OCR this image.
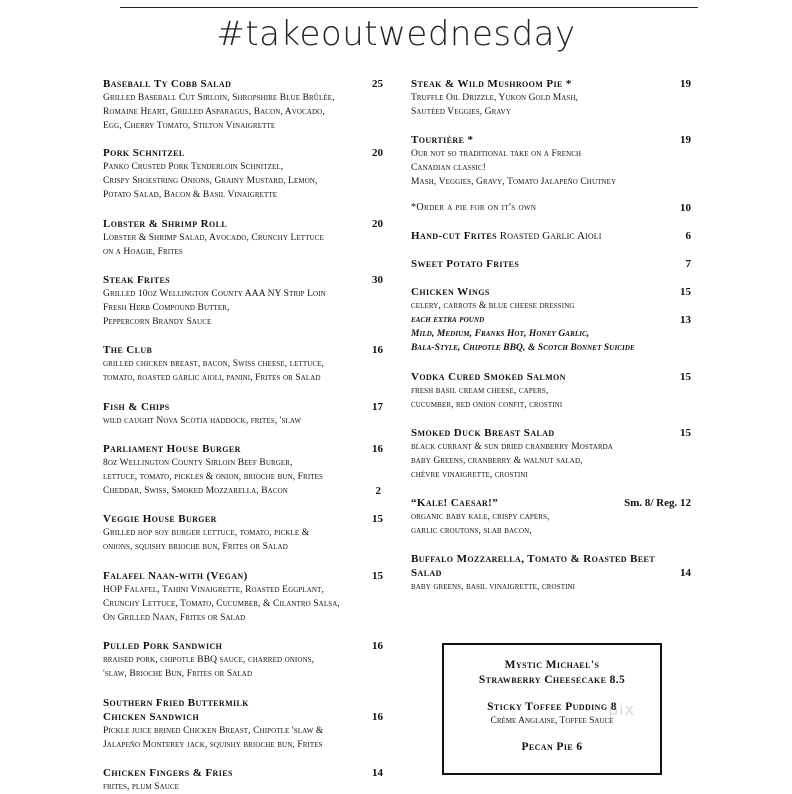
#takeoutwednesday
Baseball Ty Cobb Salad	25
Grilled Baseball Cut Sirloin, Shropshire Blue Brûlée,
Romaine Heart, Grilled Asparagus, Bacon, Avocado,
Egg, Cherry Tomato, Stilton Vinaigrette
Pork Schnitzel	20
Panko Crusted Pork Tenderloin Schnitzel,
Crispy Shoestring Onions, Grainy Mustard, Lemon,
Potato Salad, Bacon & Basil Vinaigrette
Lobster & Shrimp Roll	20
Lobster & Shrimp Salad, Avocado, Crunchy Lettuce
on a Hoagie, Frites
Steak Frites	30
Grilled 10oz Wellington County AAA NY Strip Loin
Fresh Herb Compound Butter,
Peppercorn Brandy Sauce
The Club	16
grilled chicken breast, bacon, Swiss cheese, lettuce,
tomato, roasted garlic aioli, panini, Frites or Salad
Fish & Chips	17
wild caught Nova Scotia haddock, frites, 'slaw
Parliament House Burger	16
8oz Wellington County Sirloin Beef Burger,
lettuce, tomato, pickles & onion, brioche bun, Frites
Cheddar, Swiss, Smoked Mozzarella, Bacon	2
Veggie House Burger	15
Grilled hop soy burger lettuce, tomato, pickle &
onions, squishy brioche bun, Frites or Salad
Falafel Naan-with (Vegan)	15
HOP Falafel, Tahini Vinaigrette, Roasted Eggplant,
Crunchy Lettuce, Tomato, Cucumber, & Cilantro Salsa,
On Grilled Naan, Frites or Salad
Pulled Pork Sandwich	16
braised pork, chipotle BBQ sauce, charred onions,
'slaw, Brioche Bun, Frites or Salad
Southern Fried Buttermilk
Chicken Sandwich	16
Pickle juice brined Chicken Breast, Chipotle 'slaw &
Jalapeño Monterey jack, squishy brioche bun, Frites
Chicken Fingers & Fries	14
frites, plum Sauce
Steak & Wild Mushroom Pie *	19
Truffle Oil Drizzle, Yukon Gold Mash,
Sautéed Veggies, Gravy
Tourtière *	19
Our not so traditional take on a French
Canadian classic!
Mash, Veggies, Gravy, Tomato Jalapeño Chutney
*Order a pie for on it's own	10
Hand-cut Frites Roasted Garlic Aioli	6
Sweet Potato Frites	7
Chicken Wings	15
celery, carrots & blue cheese dressing
each extra pound	13
Mild, Medium, Franks Hot, Honey Garlic,
Bala-Style, Chipotle BBQ, & Scotch Bonnet Suicide
Vodka Cured Smoked Salmon	15
fresh basil cream cheese, capers,
cucumber, red onion confit, crostini
Smoked Duck Breast Salad	15
black currant & sun dried cranberry Mostarda
baby Greens, cranberry & walnut salad,
chèvre vinaigrette, crostini
“Kale! Caesar!”	Sm. 8/ Reg. 12
organic baby kale, crispy capers,
garlic croutons, slab bacon,
Buffalo Mozzarella, Tomato & Roasted Beet
Salad	14
baby greens, basil vinaigrette, crostini
Mystic Michael's
Strawberry Cheesecake 8.5
Sticky Toffee Pudding 8
Crème Anglaise, Toffee Sauce
Pecan Pie 6
pix
